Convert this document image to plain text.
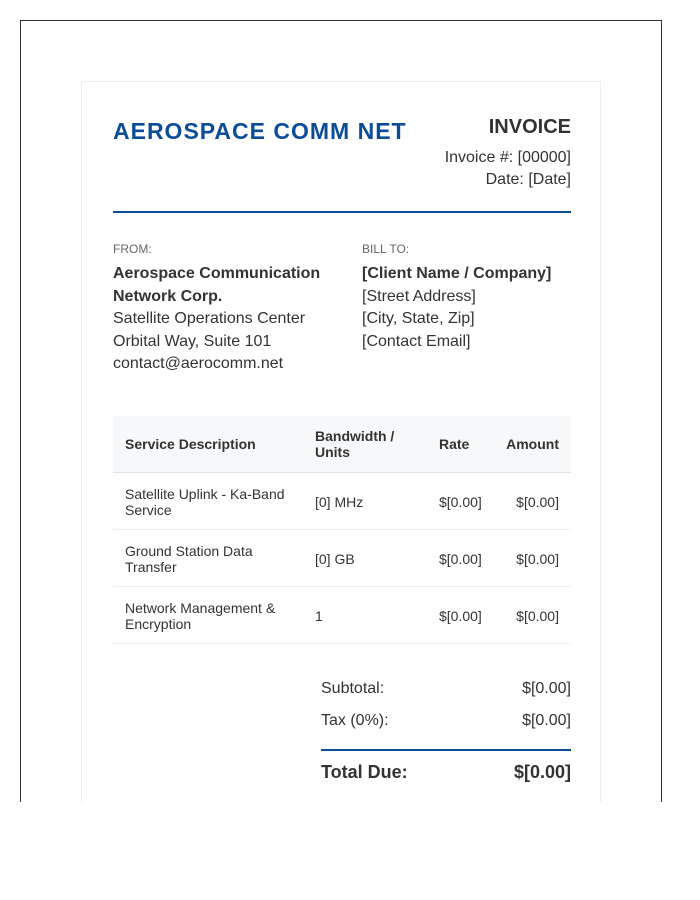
AEROSPACE COMM NET	INVOICE
Invoice #: [00000]
Date: [Date]
FROM:
Aerospace Communication
Network Corp.
Satellite Operations Center
Orbital Way, Suite 101
contact@aerocomm.net
BILL TO:
[Client Name / Company]
[Street Address]
[City, State, Zip]
[Contact Email]
Service Description	Bandwidth /
Units	Rate	Amount
Satellite Uplink - Ka-Band
Service	[0] MHz	$[0.00] $[0.00]
Ground Station Data
Transfer	[0] GB	$[0.00] $[0.00]
Network Management &
Encryption	1	$[0.00] $[0.00]
Subtotal:	$[0.00]
Tax (0%):	$[0.00]
Total Due:	$[0.00]
